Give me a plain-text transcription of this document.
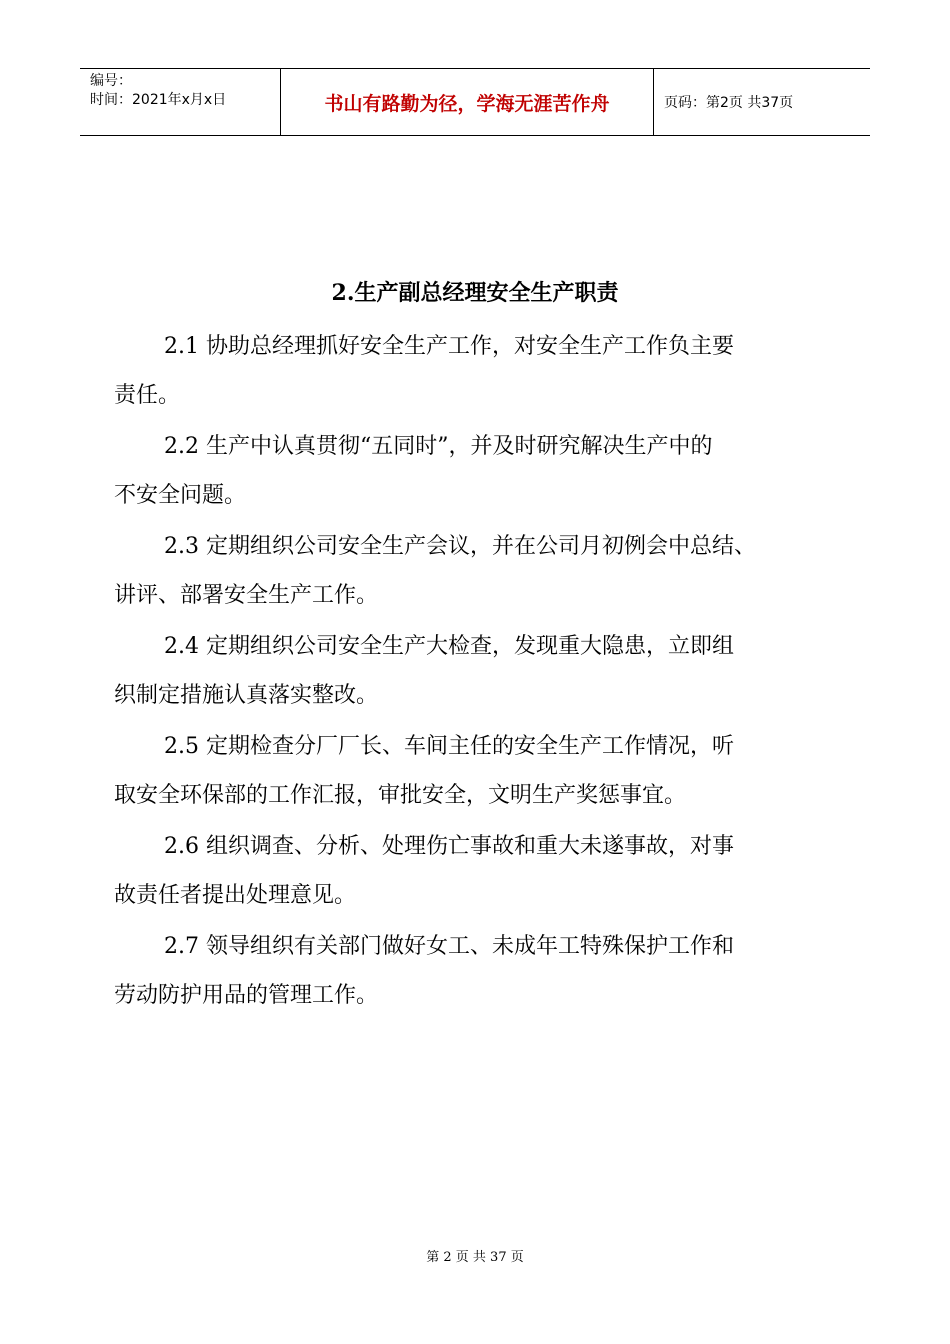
编号：
时间：2021年x月x日	书山有路勤为径，学海无涯苦作舟	页码：第2页 共37页
2.生产副总经理安全生产职责

2.1 协助总经理抓好安全生产工作，对安全生产工作负主要
责任。

2.2 生产中认真贯彻“五同时”，并及时研究解决生产中的
不安全问题。

2.3 定期组织公司安全生产会议，并在公司月初例会中总结、
讲评、部署安全生产工作。

2.4 定期组织公司安全生产大检查，发现重大隐患，立即组
织制定措施认真落实整改。

2.5 定期检查分厂厂长、车间主任的安全生产工作情况，听
取安全环保部的工作汇报，审批安全，文明生产奖惩事宜。

2.6 组织调查、分析、处理伤亡事故和重大未遂事故，对事
故责任者提出处理意见。

2.7 领导组织有关部门做好女工、未成年工特殊保护工作和
劳动防护用品的管理工作。

第 2 页 共 37 页
